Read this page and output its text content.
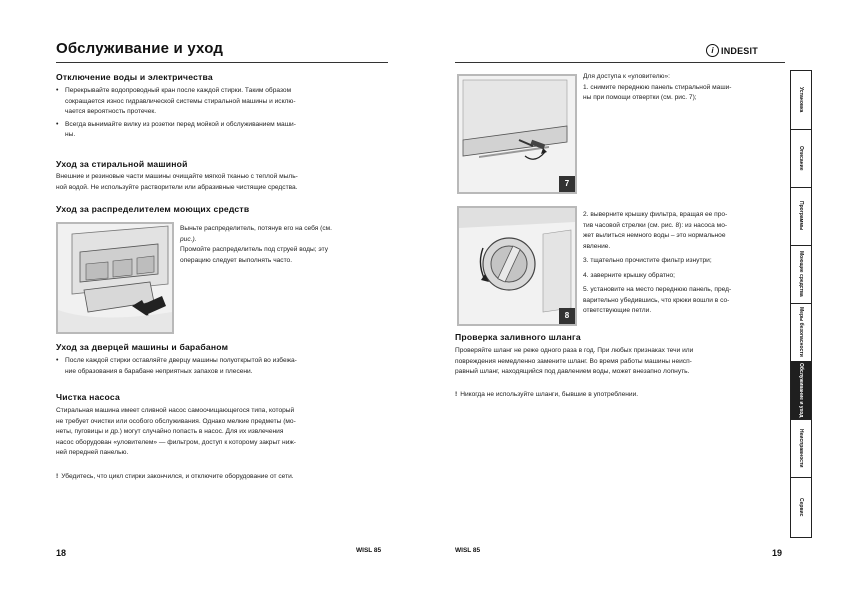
Обслуживание и уход
Отключение воды и электричества

• Перекрывайте водопроводный кран после каждой стирки. Таким образом

сокращается износ гидравлической системы стиральной машины и исклю-

чается вероятность протечек.

• Всегда вынимайте вилку из розетки перед мойкой и обслуживанием маши-

ны.

Уход за стиральной машиной

Внешние и резиновые части машины очищайте мягкой тканью с теплой мыль-

ной водой. Не используйте растворители или абразивные чистящие средства.

Уход за распределителем моющих средств

Выньте распределитель, потянув его на себя (см.

рис.).

Промойте распределитель под струей воды; эту

операцию следует выполнять часто.

Уход за дверцей машины и барабаном

• После каждой стирки оставляйте дверцу машины полуоткрытой во избежа-

ние образования в барабане неприятных запахов и плесени.

Чистка насоса

Стиральная машина имеет сливной насос самоочищающегося типа, который

не требует очистки или особого обслуживания. Однако мелкие предметы (мо-

неты, пуговицы и др.) могут случайно попасть в насос. Для их извлечения

насос оборудован «уловителем» — фильтром, доступ к которому закрыт ниж-

ней передней панелью.

! Убедитесь, что цикл стирки закончился, и отключите оборудование от сети.
18	WISL 85
i INDESIT
7

Для доступа к «уловителю»:

1. снимите переднюю панель стиральной маши-

ны при помощи отвертки (см. рис. 7);

8

2. выверните крышку фильтра, вращая ее про-

тив часовой стрелки (см. рис. 8): из насоса мо-

жет вылиться немного воды – это нормальное

явление.

3. тщательно прочистите фильтр изнутри;

4. заверните крышку обратно;

5. установите на место переднюю панель, пред-

варительно убедившись, что крюки вошли в со-

ответствующие петли.

Проверка заливного шланга

Проверяйте шланг не реже одного раза в год. При любых признаках течи или

повреждения немедленно замените шланг. Во время работы машины неисп-

равный шланг, находящийся под давлением воды, может внезапно лопнуть.

! Никогда не используйте шланги, бывшие в употреблении.
WISL 85	19
Установка
Описание
Программы
Моющие средства
Меры безопасности
Обслуживание и уход
Неисправности
Сервис
